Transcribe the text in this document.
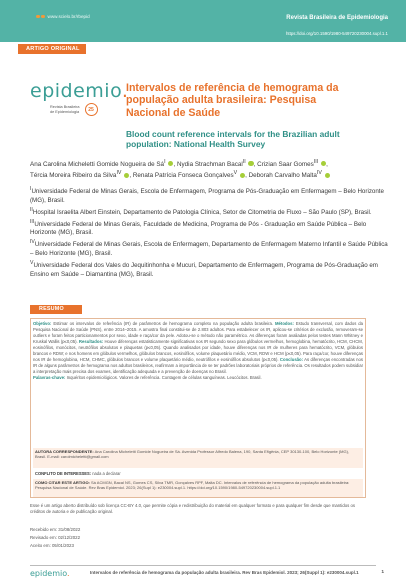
www.scielo.br/rbepid	Revista Brasileira de Epidemiologia
https://doi.org/10.1590/1980-549720230004.supl.1.1
ARTIGO ORIGINAL
epidemio.
Revista Brasileira
de Epidemiologia	25
Intervalos de referência de hemograma da população adulta brasileira: Pesquisa Nacional de Saúde
Blood count reference intervals for the Brazilian adult population: National Health Survey
Ana Carolina Micheletti Gomide Nogueira de $Sá^I$ , Nydia Strachman Bacal$^{II}$ , Crizian Saar Gomes$^{III}$ ,
Tércia Moreira Ribeiro da Silva$^{IV}$ , Renata Patrícia Fonseca Gonçalves$^V$ , Deborah Carvalho Malta$^{IV}$

$^I$Universidade Federal de Minas Gerais, Escola de Enfermagem, Programa de Pós-Graduação em Enfermagem – Belo Horizonte (MG), Brasil.

$^{II}$Hospital Israelita Albert Einstein, Departamento de Patologia Clínica, Setor de Citometria de Fluxo – São Paulo (SP), Brasil.

$^{III}$Universidade Federal de Minas Gerais, Faculdade de Medicina, Programa de Pós - Graduação em Saúde Pública – Belo Horizonte (MG), Brasil.

$^{IV}$Universidade Federal de Minas Gerais, Escola de Enfermagem, Departamento de Enfermagem Materno Infantil e Saúde Pública – Belo Horizonte (MG), Brasil.

$^V$Universidade Federal dos Vales do Jequitinhonha e Mucuri, Departamento de Enfermagem, Programa de Pós-Graduação em Ensino em Saúde – Diamantina (MG), Brasil.

RESUMO
Objetivo: Estimar os intervalos de referência (IR) de parâmetros de hemograma completo na população adulta brasileira. Métodos: Estudo transversal, com dados da Pesquisa Nacional de Saúde (PNS), entre 2014–2015. A amostra final constitui-se de 2.803 adultos. Para estabelecer os IR, aplicou-se critérios de exclusão, removeram-se outliers e foram feitos particionamentos por sexo, idade e raça/cor da pele. Adotou-se o método não paramétrico. As diferenças foram avaliadas pelos testes Mann Whitney e Kruskal Wallis (p≤0,05). Resultados: Houve diferenças estatisticamente significativas nos IR segundo sexo para glóbulos vermelhos, hemoglobina, hematócrito, HCM, CHCM, eosinófilos, monócitos, neutrófilos absolutos e plaquetas (p≤0,05). Quando analisados por idade, houve diferenças nos IR de mulheres para hematócrito, VCM, glóbulos brancos e RDW; e nos homens em glóbulos vermelhos, glóbulos brancos, eosinófilos, volume plaquetário médio, VCM, RDW e HCM (p≤0,05). Para raça/cor, houve diferenças nos IR de hemoglobina, HCM, CHMC, glóbulos brancos e volume plaquetário médio, neutrófilos e eosinófilos absolutos (p≤0,05). Conclusão: As diferenças encontradas nos IR de alguns parâmetros de hemograma nos adultos brasileiros, reafirmam a importância de se ter padrões laboratoriais próprios de referência. Os resultados podem subsidiar a interpretação mais precisa dos exames, identificação adequada e a prevenção de doenças no Brasil.
Palavras-chave: Inquéritos epidemiológicos. Valores de referência. Contagem de células sanguíneas. Leucócitos. Brasil.
AUTORA CORRESPONDENTE: Ana Carolina Micheletti Gomide Nogueira de Sá. Avenida Professor Alfredo Balena, 190, Santa Efigênia, CEP 30130-100, Belo Horizonte (MG), Brasil. E-mail: carolmicheletti@gmail.com
CONFLITO DE INTERESSES: nada a declarar
COMO CITAR ESTE ARTIGO: Sá ACMGN, Bacal NS, Gomes CS, Silva TMR, Gonçalves RPF, Malta DC. Intervalos de referência de hemograma da população adulta brasileira: Pesquisa Nacional de Saúde. Rev Bras Epidemiol. 2023; 26(Supl 1): e230004.supl.1. https://doi.org/10.1590/1980-549720230004.supl.1.1
Esse é um artigo aberto distribuído sob licença CC-BY 4.0, que permite cópia e redistribuição do material em qualquer formato e para qualquer fim desde que mantidos os créditos de autoria e de publicação original.
Recebido em: 31/08/2022
Revisado em: 02/12/2022
Aceito em: 05/01/2023
epidemio.	Intervalos de referência de hemograma da população adulta brasileira. Rev Bras Epidemiol. 2023; 26(Suppl 1): e230004.supl.1	1
